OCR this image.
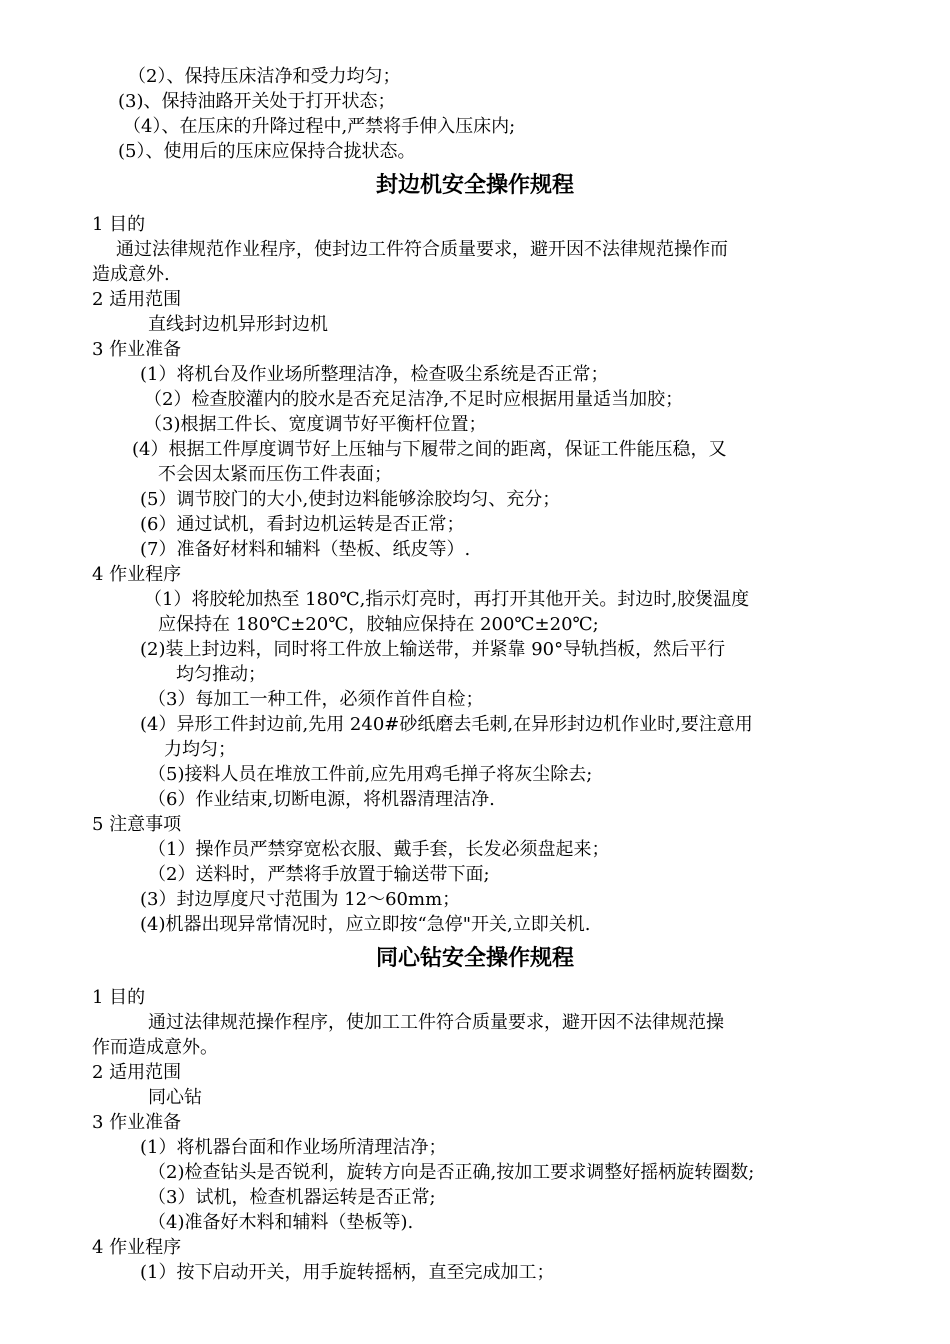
（2）、保持压床洁净和受力均匀；
(3)、保持油路开关处于打开状态；
（4）、在压床的升降过程中,严禁将手伸入压床内;
(5）、使用后的压床应保持合拢状态。
封边机安全操作规程
1 目的
通过法律规范作业程序，使封边工件符合质量要求，避开因不法律规范操作而
造成意外.
2 适用范围
直线封边机异形封边机
3 作业准备
(1）将机台及作业场所整理洁净，检查吸尘系统是否正常；
（2）检查胶灌内的胶水是否充足洁净,不足时应根据用量适当加胶；
（3)根据工件长、宽度调节好平衡杆位置；
(4）根据工件厚度调节好上压轴与下履带之间的距离，保证工件能压稳，又
不会因太紧而压伤工件表面；
(5）调节胶门的大小,使封边料能够涂胶均匀、充分；
(6）通过试机，看封边机运转是否正常；
(7）准备好材料和辅料（垫板、纸皮等）.
4 作业程序
（1）将胶轮加热至 180℃,指示灯亮时，再打开其他开关。封边时,胶煲温度
应保持在 180℃±20℃，胶轴应保持在 200℃±20℃;
(2)装上封边料，同时将工件放上输送带，并紧靠 90°导轨挡板，然后平行
均匀推动；
（3）每加工一种工件，必须作首件自检；
(4）异形工件封边前,先用 240#砂纸磨去毛刺,在异形封边机作业时,要注意用
力均匀；
（5)接料人员在堆放工件前,应先用鸡毛掸子将灰尘除去;
（6）作业结束,切断电源，将机器清理洁净.
5 注意事项
（1）操作员严禁穿宽松衣服、戴手套，长发必须盘起来；
（2）送料时，严禁将手放置于输送带下面;
(3）封边厚度尺寸范围为 12～60mm；
(4)机器出现异常情况时，应立即按“急停"开关,立即关机.
同心钻安全操作规程
1 目的
通过法律规范操作程序，使加工工件符合质量要求，避开因不法律规范操
作而造成意外。
2 适用范围
同心钻
3 作业准备
(1）将机器台面和作业场所清理洁净；
（2)检查钻头是否锐利，旋转方向是否正确,按加工要求调整好摇柄旋转圈数;
（3）试机，检查机器运转是否正常;
（4)准备好木料和辅料（垫板等).
4 作业程序
(1）按下启动开关，用手旋转摇柄，直至完成加工；
